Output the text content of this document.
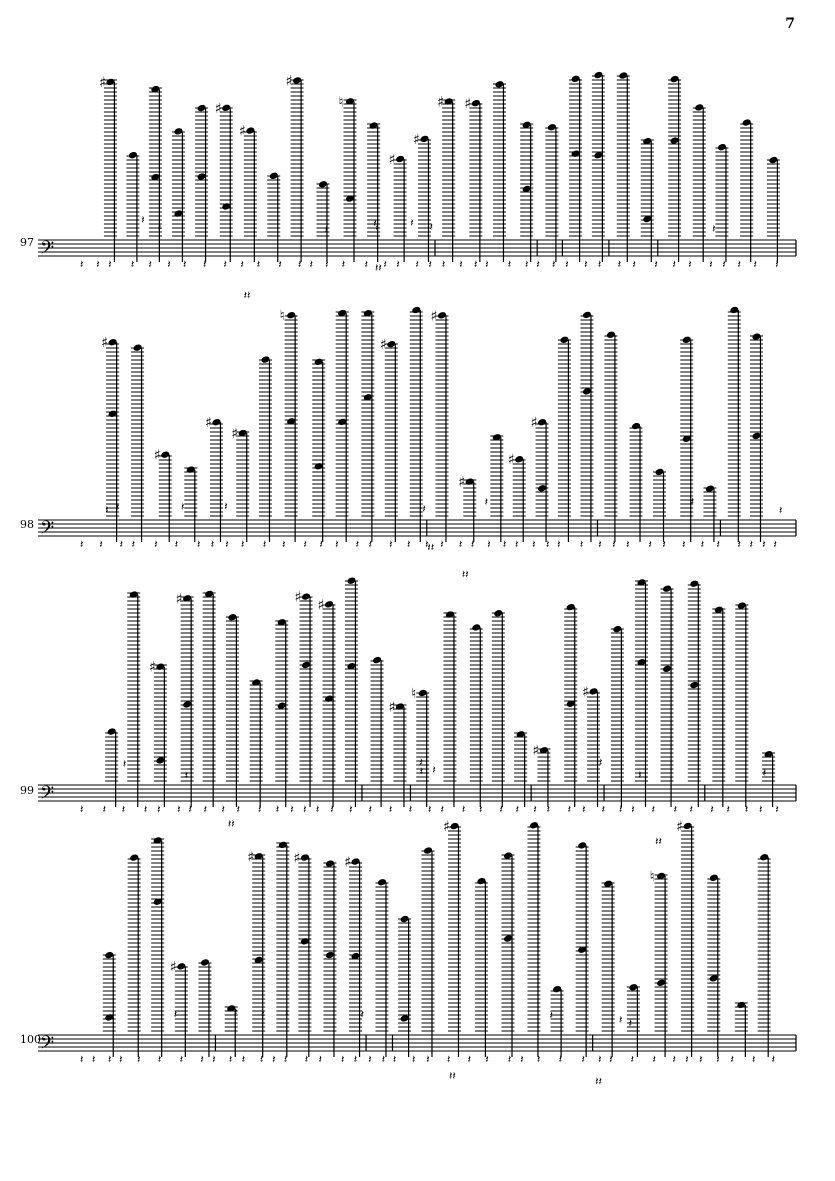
7
97
98
99
100
𝄢
♯
♯
♯
♯
♮
♯
♯
♯ ♯
𝄽 𝄽 𝄽 𝄽 𝄽 𝄽 𝄽 𝄽 𝄽 𝄽 𝄽 𝄽 𝄽 𝄽 𝄽 𝄽 𝄽 𝄽 𝄽 𝄽 𝄽 𝄽 𝄽 𝄽 𝄽 𝄽 𝄽 𝄽 𝄽 𝄽 𝄽 𝄽 𝄽 𝄽 𝄽 𝄽 𝄽 𝄽 𝄽 𝄽 𝄽 𝄽
𝄽	𝄽
𝄽
𝄽
𝄽	𝄽	𝄽
𝄽
𝄽𝄽
𝄽𝄽
𝄢
♯
♯
♯
♯
♮
♯
♯
♯
♯
♯
𝄽 𝄽 𝄽 𝄽 𝄽 𝄽 𝄽 𝄽 𝄽 𝄽 𝄽 𝄽 𝄽 𝄽 𝄽 𝄽 𝄽 𝄽 𝄽 𝄽 𝄽 𝄽 𝄽 𝄽 𝄽 𝄽 𝄽 𝄽 𝄽 𝄽 𝄽 𝄽 𝄽 𝄽 𝄽 𝄽 𝄽 𝄽 𝄽 𝄽 𝄽 𝄽
𝄽
𝄽	𝄽	𝄽
𝄽	𝄽
𝄽	𝄽
𝄽𝄽
𝄽𝄽
𝄢
♯
♯	♯ ♯
♯
♮
♯
♯
𝄽 𝄽 𝄽 𝄽 𝄽 𝄽 𝄽 𝄽 𝄽 𝄽 𝄽 𝄽 𝄽 𝄽 𝄽 𝄽 𝄽 𝄽 𝄽 𝄽 𝄽 𝄽 𝄽 𝄽 𝄽 𝄽 𝄽 𝄽 𝄽 𝄽 𝄽 𝄽 𝄽 𝄽 𝄽 𝄽 𝄽 𝄽 𝄽 𝄽 𝄽
𝄽
𝄽	𝄽
𝄽
𝄽
𝄽	𝄽
𝄽
𝄽𝄽
𝄽𝄽
𝄢
♯
♯	♯	♯
♯
♮
♯
𝄽 𝄽 𝄽 𝄽 𝄽 𝄽 𝄽 𝄽 𝄽 𝄽 𝄽 𝄽 𝄽 𝄽 𝄽 𝄽 𝄽 𝄽 𝄽 𝄽 𝄽 𝄽 𝄽 𝄽 𝄽 𝄽 𝄽 𝄽 𝄽 𝄽 𝄽 𝄽 𝄽 𝄽 𝄽 𝄽 𝄽 𝄽 𝄽 𝄽 𝄽 𝄽
𝄽	𝄽
𝄽
𝄽
𝄽
𝄽
𝄽
𝄽
𝄽𝄽	𝄽𝄽
